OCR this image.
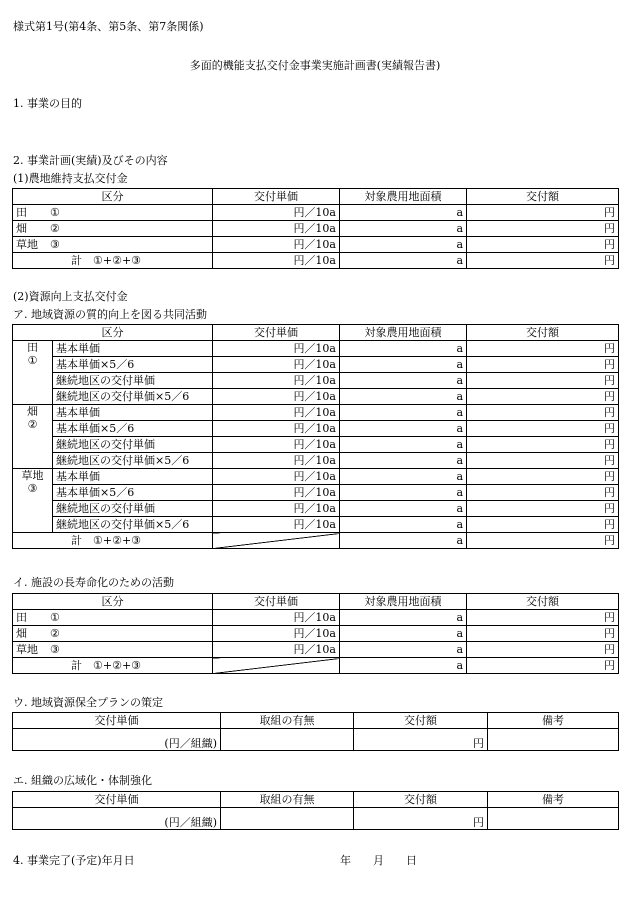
様式第1号(第4条、第5条、第7条関係)
多面的機能支払交付金事業実施計画書(実績報告書)
1. 事業の目的
2. 事業計画(実績)及びその内容
(1)農地維持支払交付金
区分	交付単価	対象農用地面積	交付額
田 ①	円／10a	a	円
畑 ②	円／10a	a	円
草地 ③	円／10a	a	円
計 ①+②+③	円／10a	a	円
(2)資源向上支払交付金
ア. 地域資源の質的向上を図る共同活動
区分		交付単価	対象農用地面積	交付額

田
①	基本単価	円／10a	a	円
	基本単価×5／6	円／10a	a	円
	継続地区の交付単価	円／10a	a	円
	継続地区の交付単価×5／6	円／10a	a	円

畑
②	基本単価	円／10a	a	円
	基本単価×5／6	円／10a	a	円
	継続地区の交付単価	円／10a	a	円
	継続地区の交付単価×5／6	円／10a	a	円

草地
③	基本単価	円／10a	a	円
	基本単価×5／6	円／10a	a	円
	継続地区の交付単価	円／10a	a	円
	継続地区の交付単価×5／6	円／10a	a	円
計 ①+②+③			a	円
イ. 施設の長寿命化のための活動
区分	交付単価	対象農用地面積	交付額
田 ①	円／10a	a	円
畑 ②	円／10a	a	円
草地 ③	円／10a	a	円
計 ①+②+③		a	円
ウ. 地域資源保全プランの策定
交付単価	取組の有無	交付額	備考
(円／組織)		円	
エ. 組織の広域化・体制強化
交付単価	取組の有無	交付額	備考
(円／組織)		円	
4. 事業完了(予定)年月日	年　　月　　日
